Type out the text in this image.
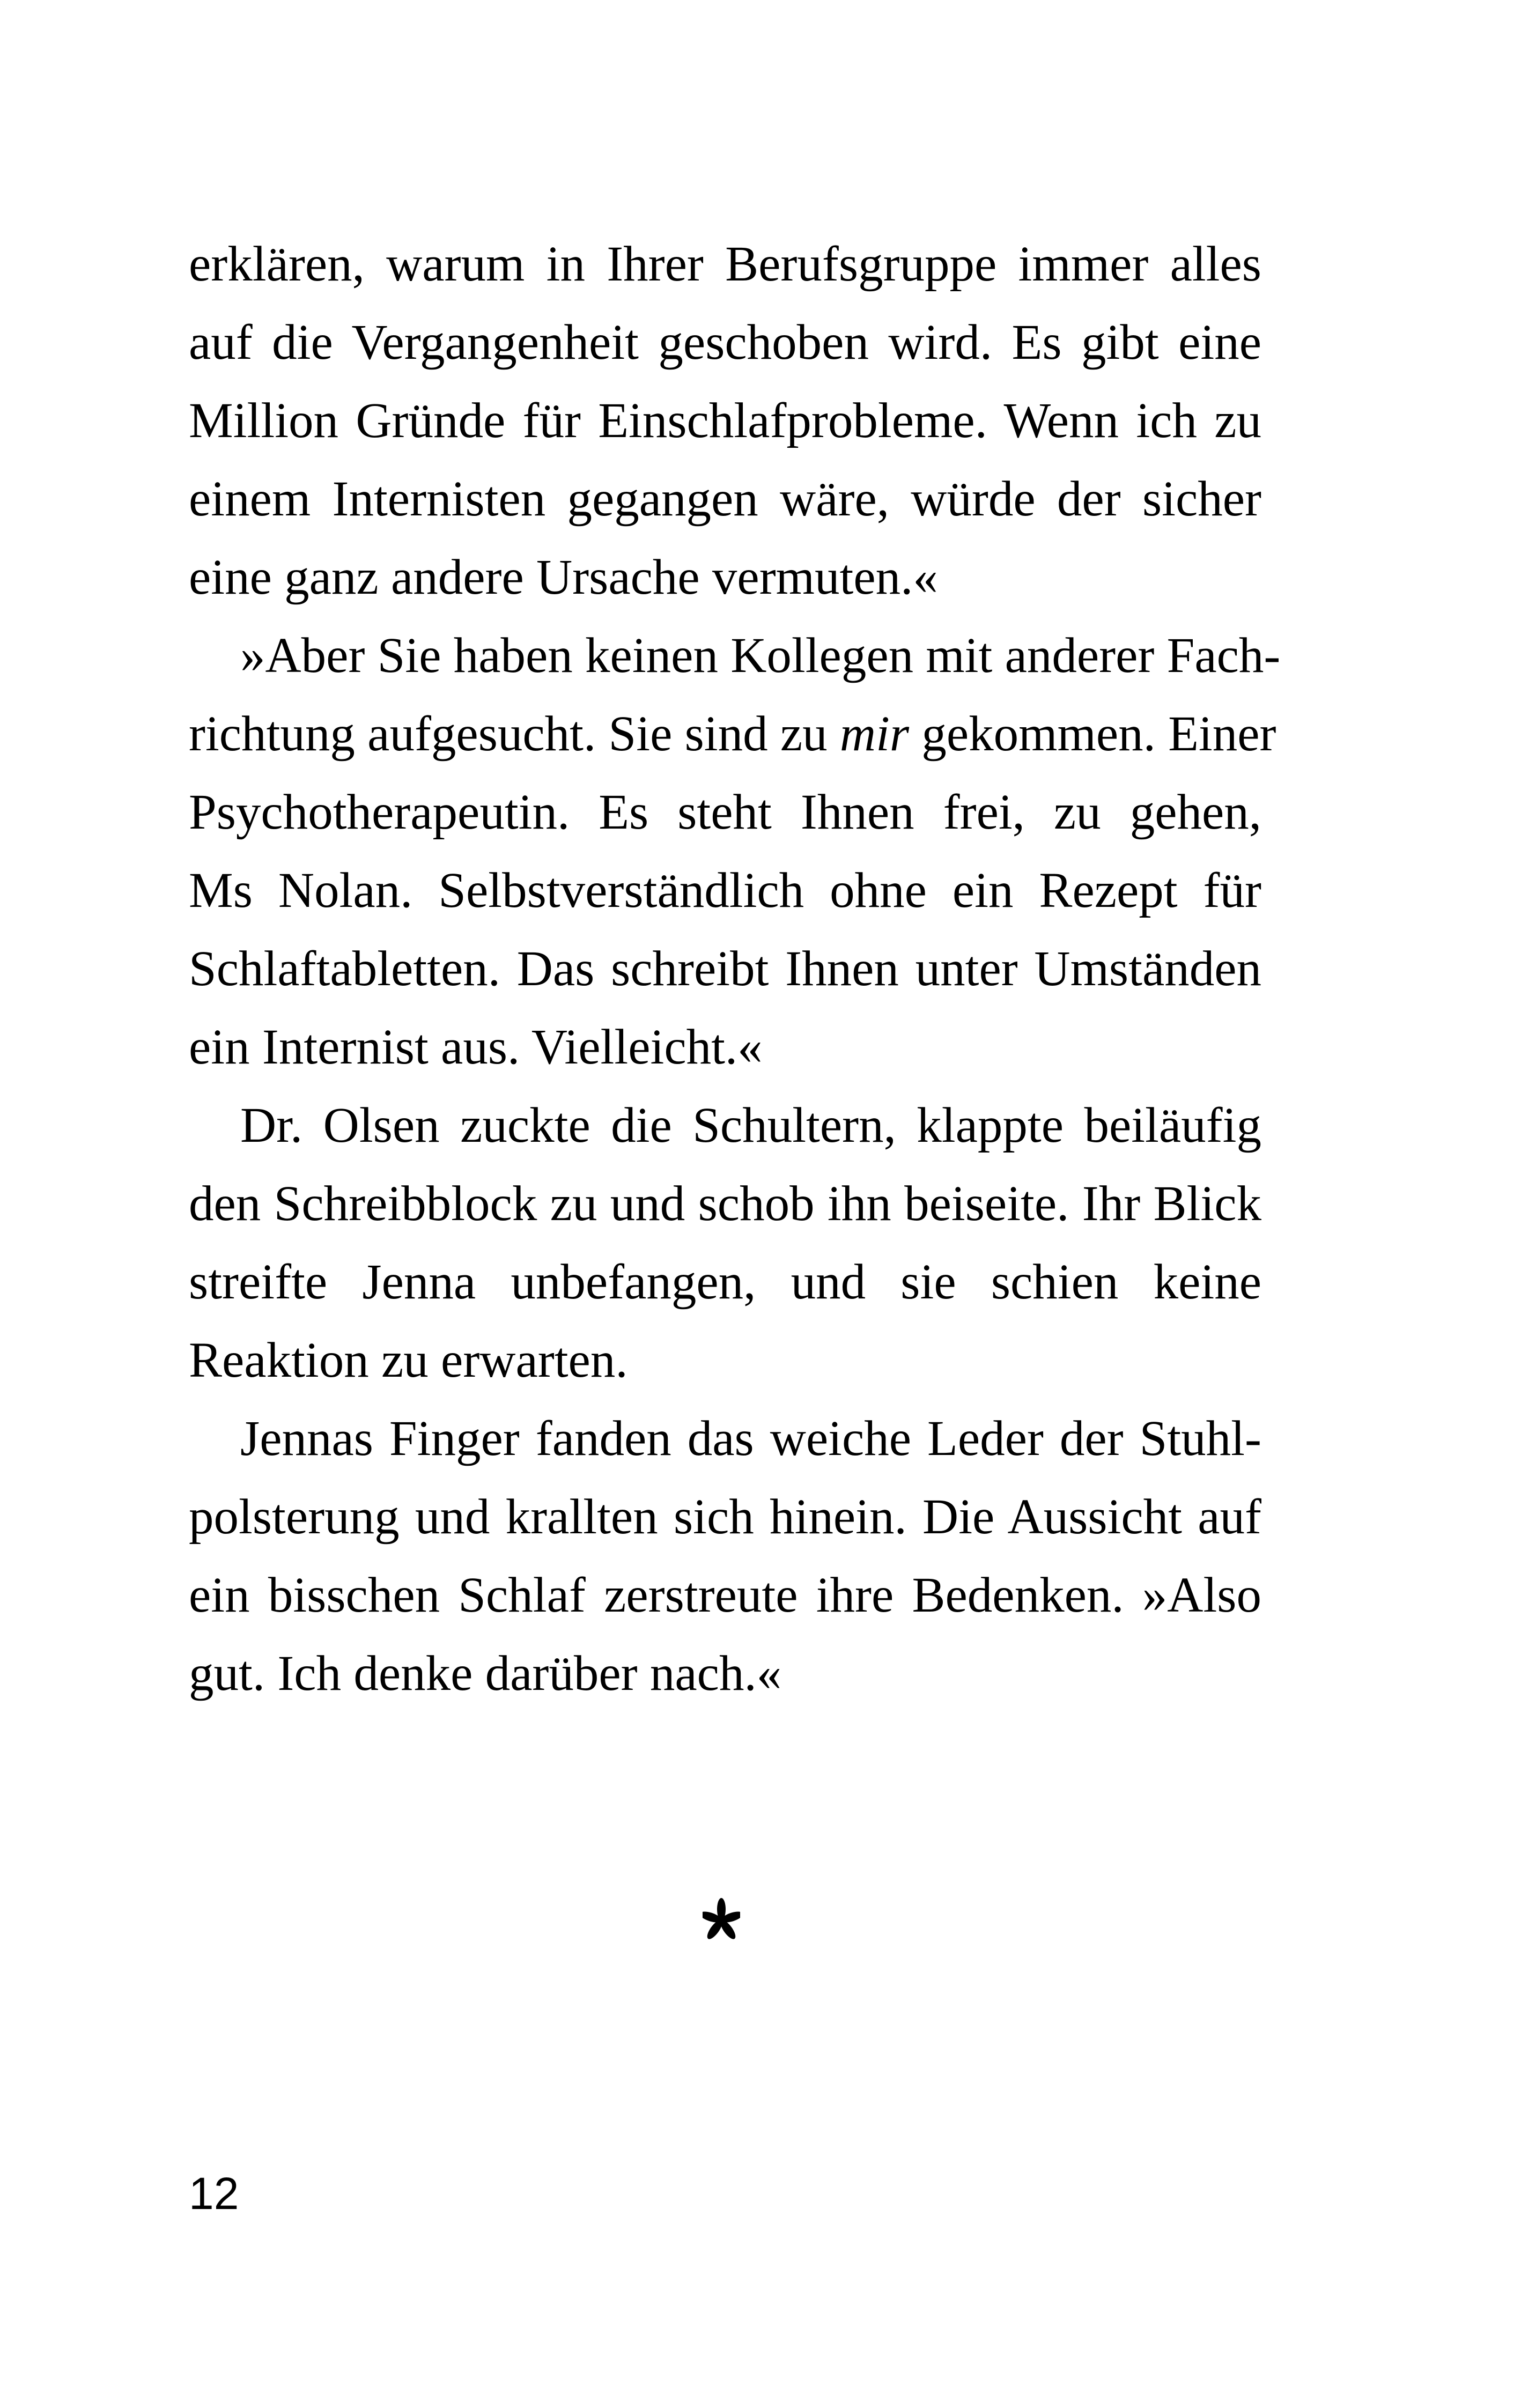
erklären, warum in Ihrer Berufsgruppe immer alles
auf die Vergangenheit geschoben wird. Es gibt eine
Million Gründe für Einschlafprobleme. Wenn ich zu
einem Internisten gegangen wäre, würde der sicher
eine ganz andere Ursache vermuten.«
»Aber Sie haben keinen Kollegen mit anderer Fach-
richtung aufgesucht. Sie sind zu mir gekommen. Einer
Psychotherapeutin. Es steht Ihnen frei, zu gehen,
Ms Nolan. Selbstverständlich ohne ein Rezept für
Schlaftabletten. Das schreibt Ihnen unter Umständen
ein Internist aus. Vielleicht.«
Dr. Olsen zuckte die Schultern, klappte beiläufig
den Schreibblock zu und schob ihn beiseite. Ihr Blick
streifte Jenna unbefangen, und sie schien keine
Reaktion zu erwarten.
Jennas Finger fanden das weiche Leder der Stuhl-
polsterung und krallten sich hinein. Die Aussicht auf
ein bisschen Schlaf zerstreute ihre Bedenken. »Also
gut. Ich denke darüber nach.«
12
